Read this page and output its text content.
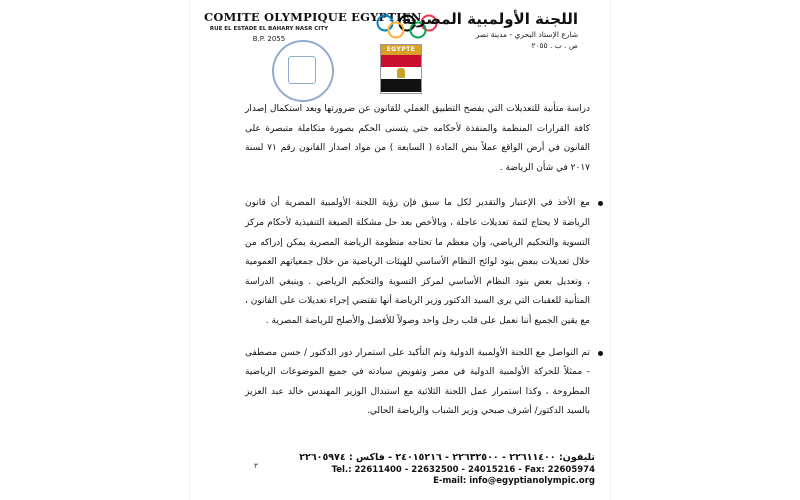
COMITE OLYMPIQUE EGYPTIEN
RUE EL ESTADE EL BAHARY NASR CITY
B.P. 2055
EGYPTE
اللجنة الأولمبية المصرية
شارع الإستاد البحري - مدينة نصر
ص . ب . ٢٠٥٥

دراسة متأنية للتعديلات التي يفصح التطبيق العملي للقانون عن ضرورتها وبعد استكمال إصدار كافة القرارات المنظمة والمنفذة لأحكامه حتى يتسنى الحكم بصورة متكاملة متبصرة على القانون في أرض الواقع عملاً بنص المادة ( السابعة ) من مواد اصدار القانون رقم ٧١ لسنة ٢٠١٧ في شأن الرياضة .

مع الأخذ في الإعتبار والتقدير لكل ما سبق فإن رؤية اللجنة الأولمبية المصرية أن قانون الرياضة لا يحتاج لثمة تعديلات عاجلة ، وبالأخص بعد حل مشكلة الصيغة التنفيذية لأحكام مركز التسوية والتحكيم الرياضي، وأن معظم ما تحتاجه منظومة الرياضة المصرية يمكن إدراكه من خلال تعديلات ببعض بنود لوائح النظام الأساسي للهيئات الرياضية من خلال جمعياتهم العمومية ، وتعديل بعض بنود النظام الأساسي لمركز التسوية والتحكيم الرياضي . وينبغي الدراسة المتأنية للعقبات التي يرى السيد الدكتور وزير الرياضة أنها تقتضي إجراء تعديلات على القانون ، مع يقين الجميع أننا نعمل على قلب رجل واحد وصولاً للأفضل والأصلح للرياضة المصرية .

تم التواصل مع اللجنة الأولمبية الدولية وتم التأكيد على استمرار دور الدكتور / حسن مصطفى - ممثلاً للحركة الأولمبية الدولية في مصر وتفويض سيادته في جميع الموضوعات الرياضية المطروحة ، وكذا استمرار عمل اللجنة الثلاثية مع استبدال الوزير المهندس خالد عبد العزيز بالسيد الدكتور/ أشرف صبحي وزير الشباب والرياضة الحالي.

٣
تليفون: ٢٢٦١١٤٠٠ - ٢٢٦٣٢٥٠٠ - ٢٤٠١٥٢١٦ - فاكس : ٢٢٦٠٥٩٧٤
Tel.: 22611400 - 22632500 - 24015216 - Fax: 22605974
E-mail: info@egyptianolympic.org
